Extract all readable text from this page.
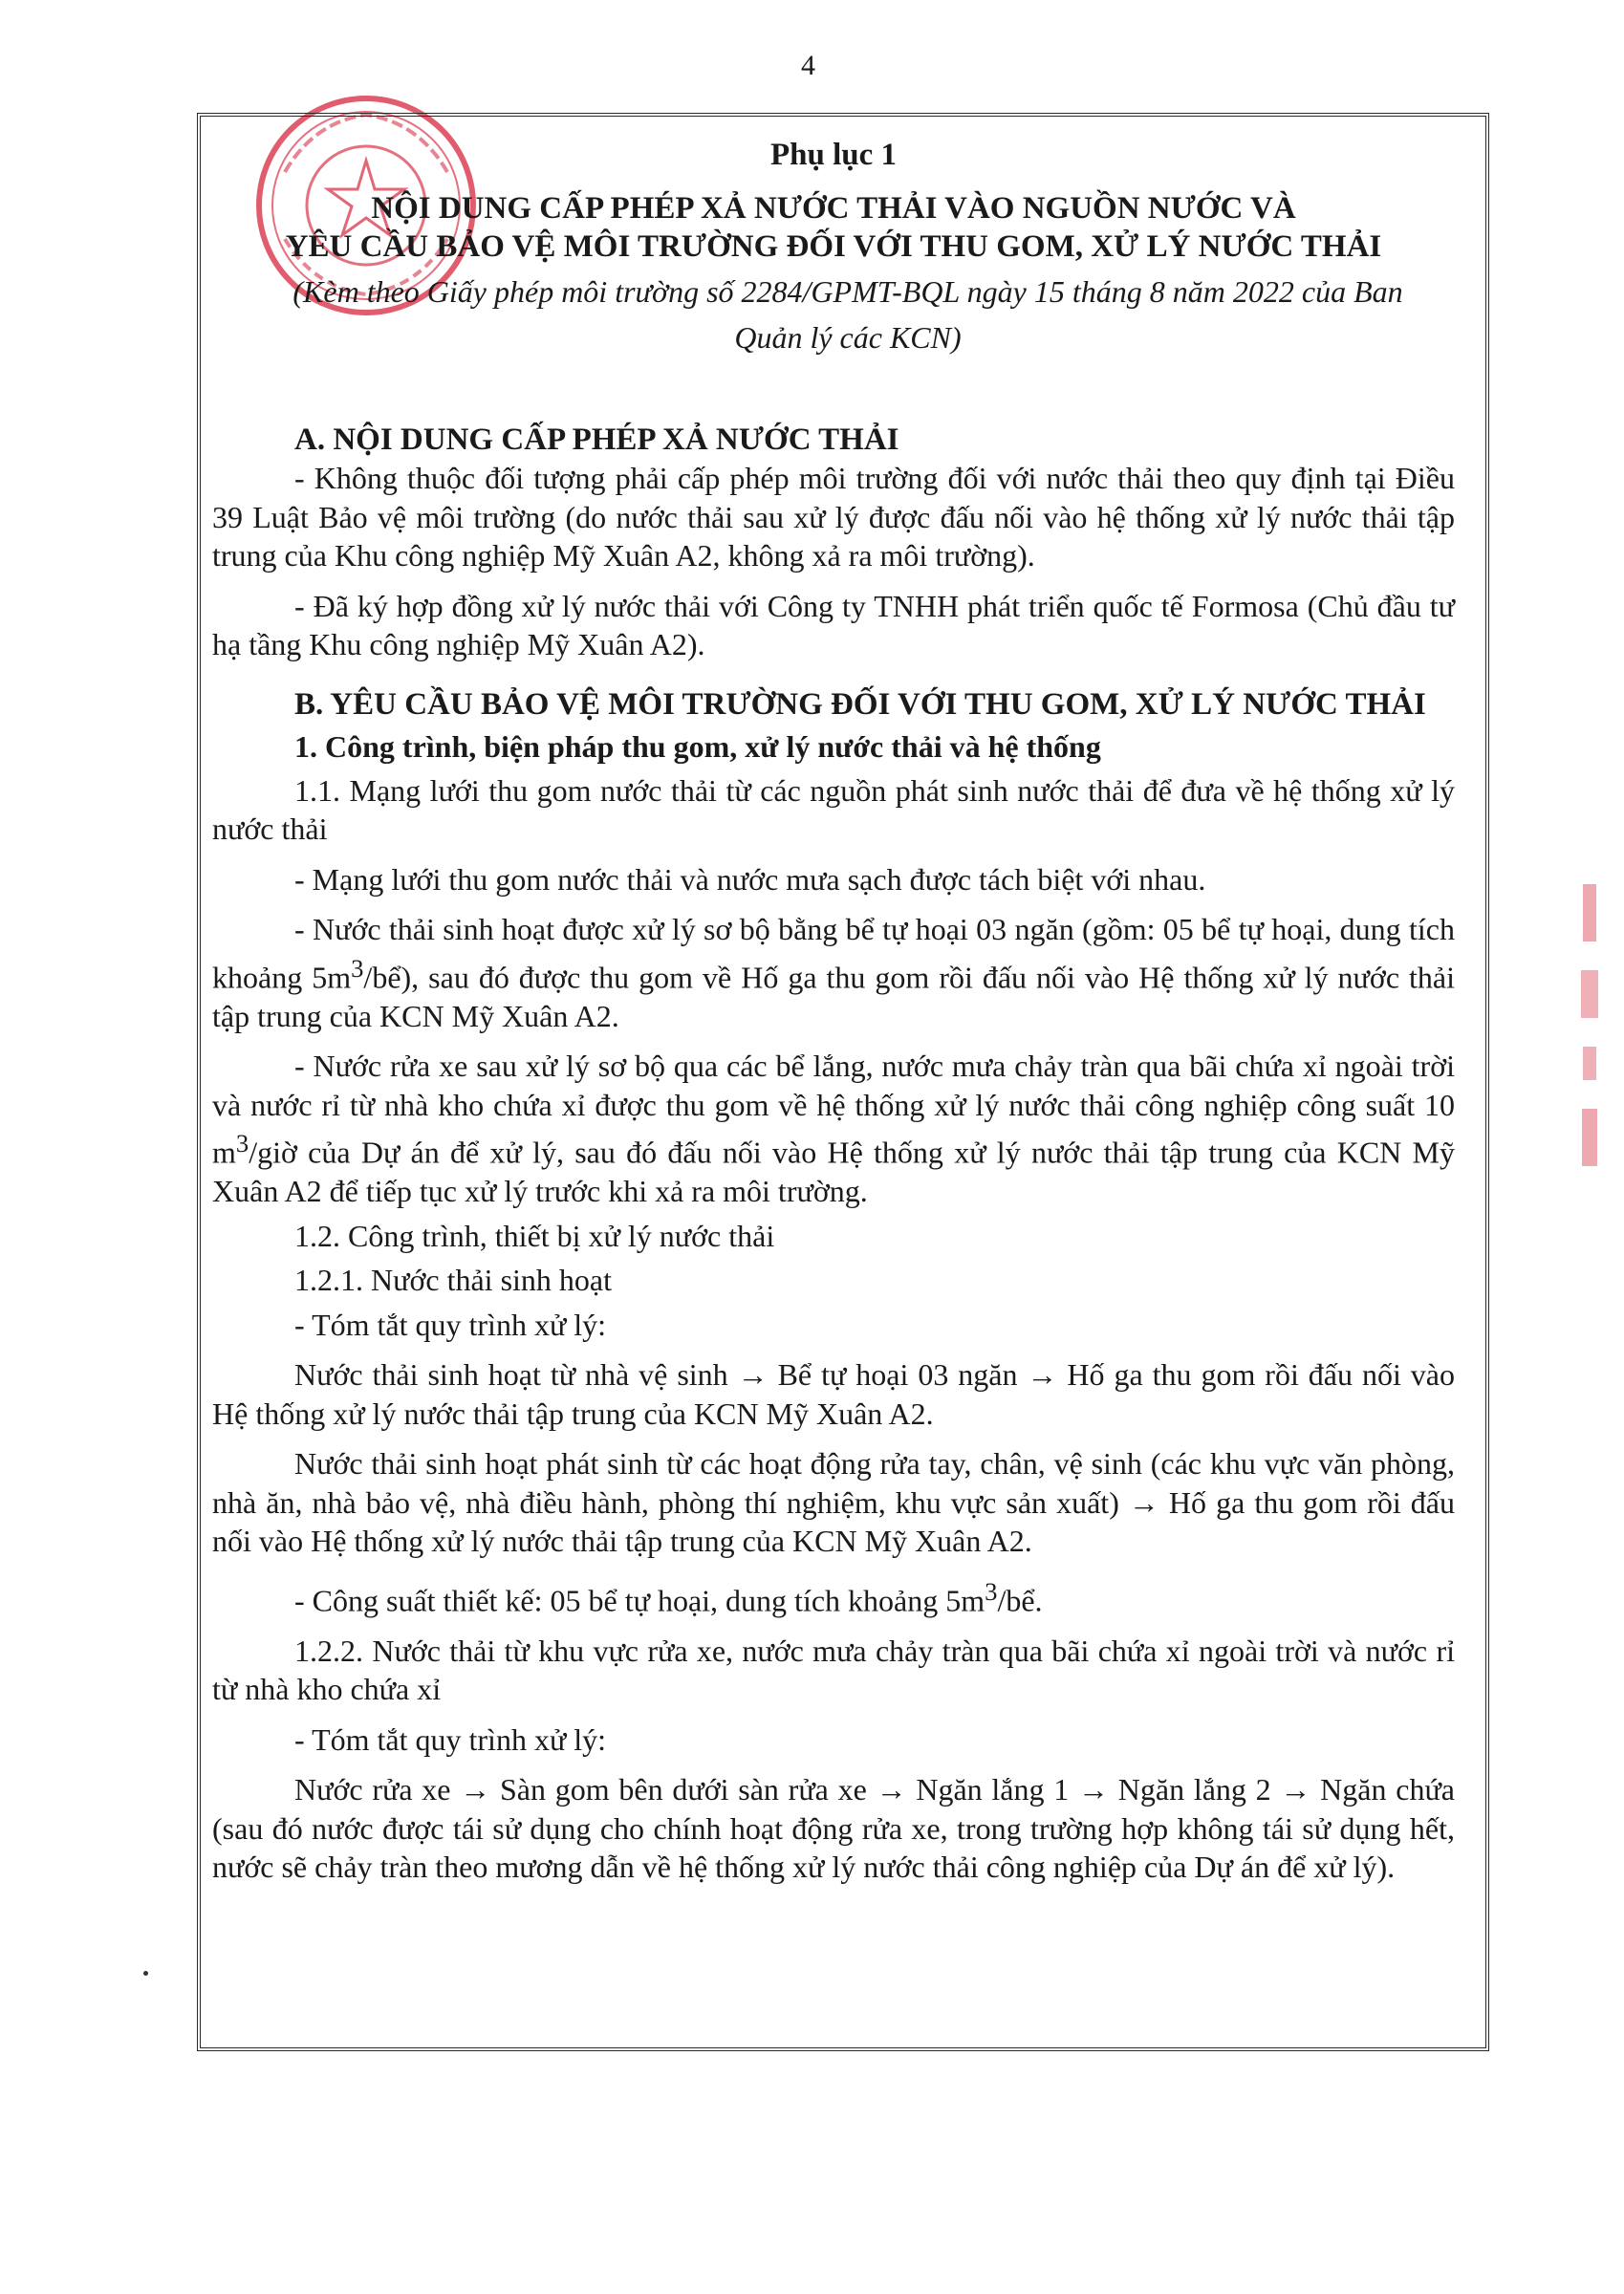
4
Phụ lục 1
NỘI DUNG CẤP PHÉP XẢ NƯỚC THẢI VÀO NGUỒN NƯỚC VÀ
YÊU CẦU BẢO VỆ MÔI TRƯỜNG ĐỐI VỚI THU GOM, XỬ LÝ NƯỚC THẢI
(Kèm theo Giấy phép môi trường số 2284/GPMT-BQL ngày 15 tháng 8 năm 2022 của Ban
Quản lý các KCN)
A. NỘI DUNG CẤP PHÉP XẢ NƯỚC THẢI

- Không thuộc đối tượng phải cấp phép môi trường đối với nước thải theo quy định tại Điều 39 Luật Bảo vệ môi trường (do nước thải sau xử lý được đấu nối vào hệ thống xử lý nước thải tập trung của Khu công nghiệp Mỹ Xuân A2, không xả ra môi trường).

- Đã ký hợp đồng xử lý nước thải với Công ty TNHH phát triển quốc tế Formosa (Chủ đầu tư hạ tầng Khu công nghiệp Mỹ Xuân A2).

B. YÊU CẦU BẢO VỆ MÔI TRƯỜNG ĐỐI VỚI THU GOM, XỬ LÝ NƯỚC THẢI
1. Công trình, biện pháp thu gom, xử lý nước thải và hệ thống

1.1. Mạng lưới thu gom nước thải từ các nguồn phát sinh nước thải để đưa về hệ thống xử lý nước thải

- Mạng lưới thu gom nước thải và nước mưa sạch được tách biệt với nhau.

- Nước thải sinh hoạt được xử lý sơ bộ bằng bể tự hoại 03 ngăn (gồm: 05 bể tự hoại, dung tích khoảng $5m^3/bể$), sau đó được thu gom về Hố ga thu gom rồi đấu nối vào Hệ thống xử lý nước thải tập trung của KCN Mỹ Xuân A2.

- Nước rửa xe sau xử lý sơ bộ qua các bể lắng, nước mưa chảy tràn qua bãi chứa xỉ ngoài trời và nước rỉ từ nhà kho chứa xỉ được thu gom về hệ thống xử lý nước thải công nghiệp công suất 10 $m^3$/giờ của Dự án để xử lý, sau đó đấu nối vào Hệ thống xử lý nước thải tập trung của KCN Mỹ Xuân A2 để tiếp tục xử lý trước khi xả ra môi trường.

1.2. Công trình, thiết bị xử lý nước thải

1.2.1. Nước thải sinh hoạt

- Tóm tắt quy trình xử lý:

Nước thải sinh hoạt từ nhà vệ sinh → Bể tự hoại 03 ngăn → Hố ga thu gom rồi đấu nối vào Hệ thống xử lý nước thải tập trung của KCN Mỹ Xuân A2.

Nước thải sinh hoạt phát sinh từ các hoạt động rửa tay, chân, vệ sinh (các khu vực văn phòng, nhà ăn, nhà bảo vệ, nhà điều hành, phòng thí nghiệm, khu vực sản xuất) → Hố ga thu gom rồi đấu nối vào Hệ thống xử lý nước thải tập trung của KCN Mỹ Xuân A2.

- Công suất thiết kế: 05 bể tự hoại, dung tích khoảng $5m^3/bể$.

1.2.2. Nước thải từ khu vực rửa xe, nước mưa chảy tràn qua bãi chứa xỉ ngoài trời và nước rỉ từ nhà kho chứa xỉ

- Tóm tắt quy trình xử lý:

Nước rửa xe → Sàn gom bên dưới sàn rửa xe → Ngăn lắng 1 → Ngăn lắng 2 → Ngăn chứa (sau đó nước được tái sử dụng cho chính hoạt động rửa xe, trong trường hợp không tái sử dụng hết, nước sẽ chảy tràn theo mương dẫn về hệ thống xử lý nước thải công nghiệp của Dự án để xử lý).
